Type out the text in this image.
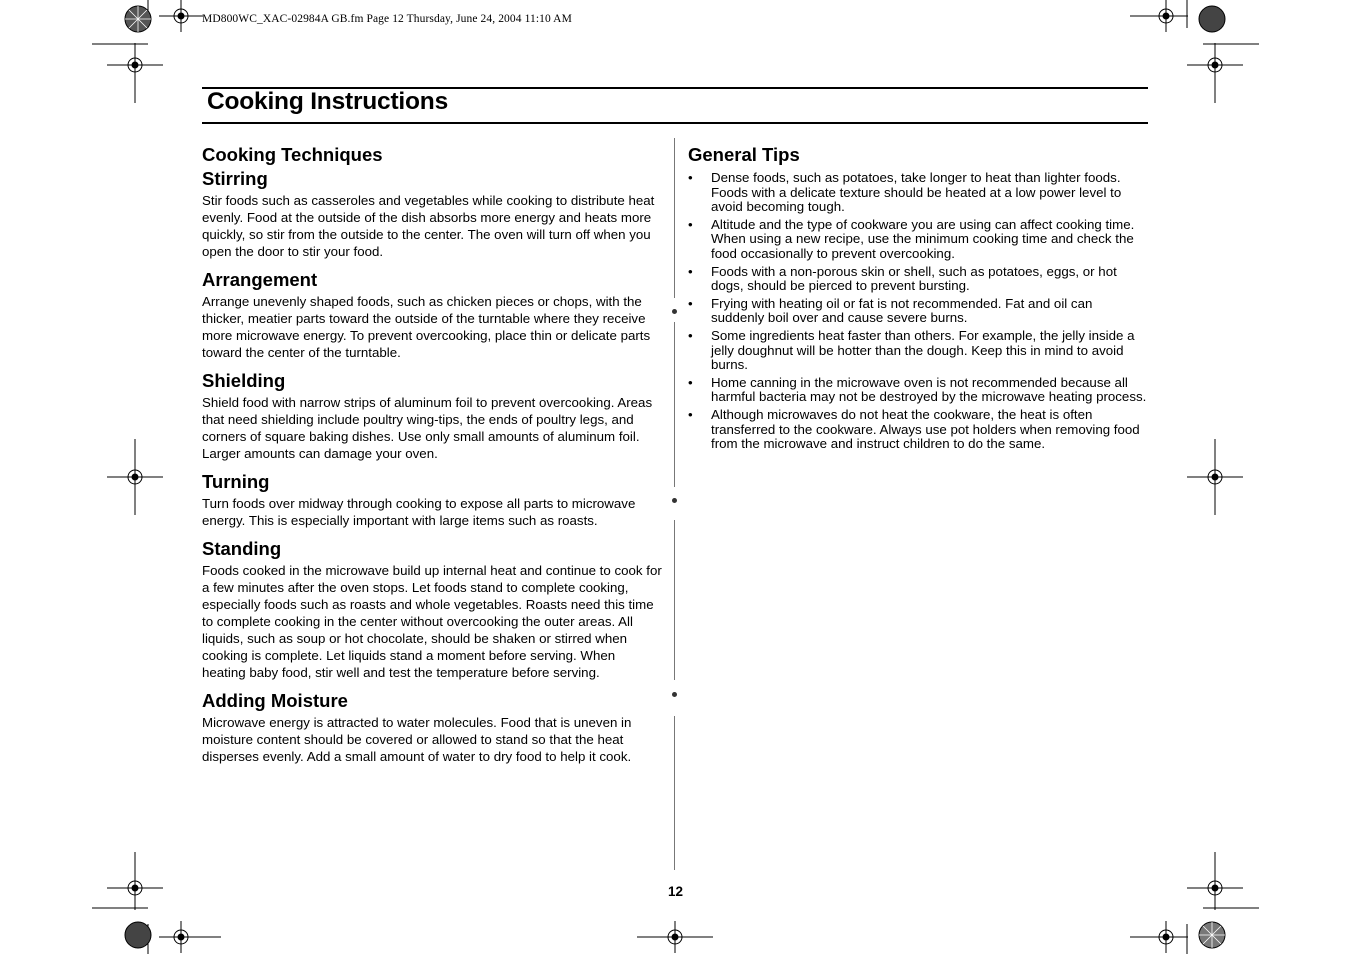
MD800WC_XAC-02984A GB.fm Page 12 Thursday, June 24, 2004 11:10 AM
Cooking Instructions
Cooking Techniques
Stirring

Stir foods such as casseroles and vegetables while cooking to distribute heat evenly. Food at the outside of the dish absorbs more energy and heats more quickly, so stir from the outside to the center. The oven will turn off when you open the door to stir your food.

Arrangement

Arrange unevenly shaped foods, such as chicken pieces or chops, with the thicker, meatier parts toward the outside of the turntable where they receive more microwave energy. To prevent overcooking, place thin or delicate parts toward the center of the turntable.

Shielding

Shield food with narrow strips of aluminum foil to prevent overcooking. Areas that need shielding include poultry wing-tips, the ends of poultry legs, and corners of square baking dishes. Use only small amounts of aluminum foil. Larger amounts can damage your oven.

Turning

Turn foods over midway through cooking to expose all parts to microwave energy. This is especially important with large items such as roasts.

Standing

Foods cooked in the microwave build up internal heat and continue to cook for a few minutes after the oven stops. Let foods stand to complete cooking, especially foods such as roasts and whole vegetables. Roasts need this time to complete cooking in the center without overcooking the outer areas. All liquids, such as soup or hot chocolate, should be shaken or stirred when cooking is complete. Let liquids stand a moment before serving. When heating baby food, stir well and test the temperature before serving.

Adding Moisture

Microwave energy is attracted to water molecules. Food that is uneven in moisture content should be covered or allowed to stand so that the heat disperses evenly. Add a small amount of water to dry food to help it cook.

General Tips
• Dense foods, such as potatoes, take longer to heat than lighter foods. Foods with a delicate texture should be heated at a low power level to avoid becoming tough.
• Altitude and the type of cookware you are using can affect cooking time. When using a new recipe, use the minimum cooking time and check the food occasionally to prevent overcooking.
• Foods with a non-porous skin or shell, such as potatoes, eggs, or hot dogs, should be pierced to prevent bursting.
• Frying with heating oil or fat is not recommended. Fat and oil can suddenly boil over and cause severe burns.
• Some ingredients heat faster than others. For example, the jelly inside a jelly doughnut will be hotter than the dough. Keep this in mind to avoid burns.
• Home canning in the microwave oven is not recommended because all harmful bacteria may not be destroyed by the microwave heating process.
• Although microwaves do not heat the cookware, the heat is often transferred to the cookware. Always use pot holders when removing food from the microwave and instruct children to do the same.
12
